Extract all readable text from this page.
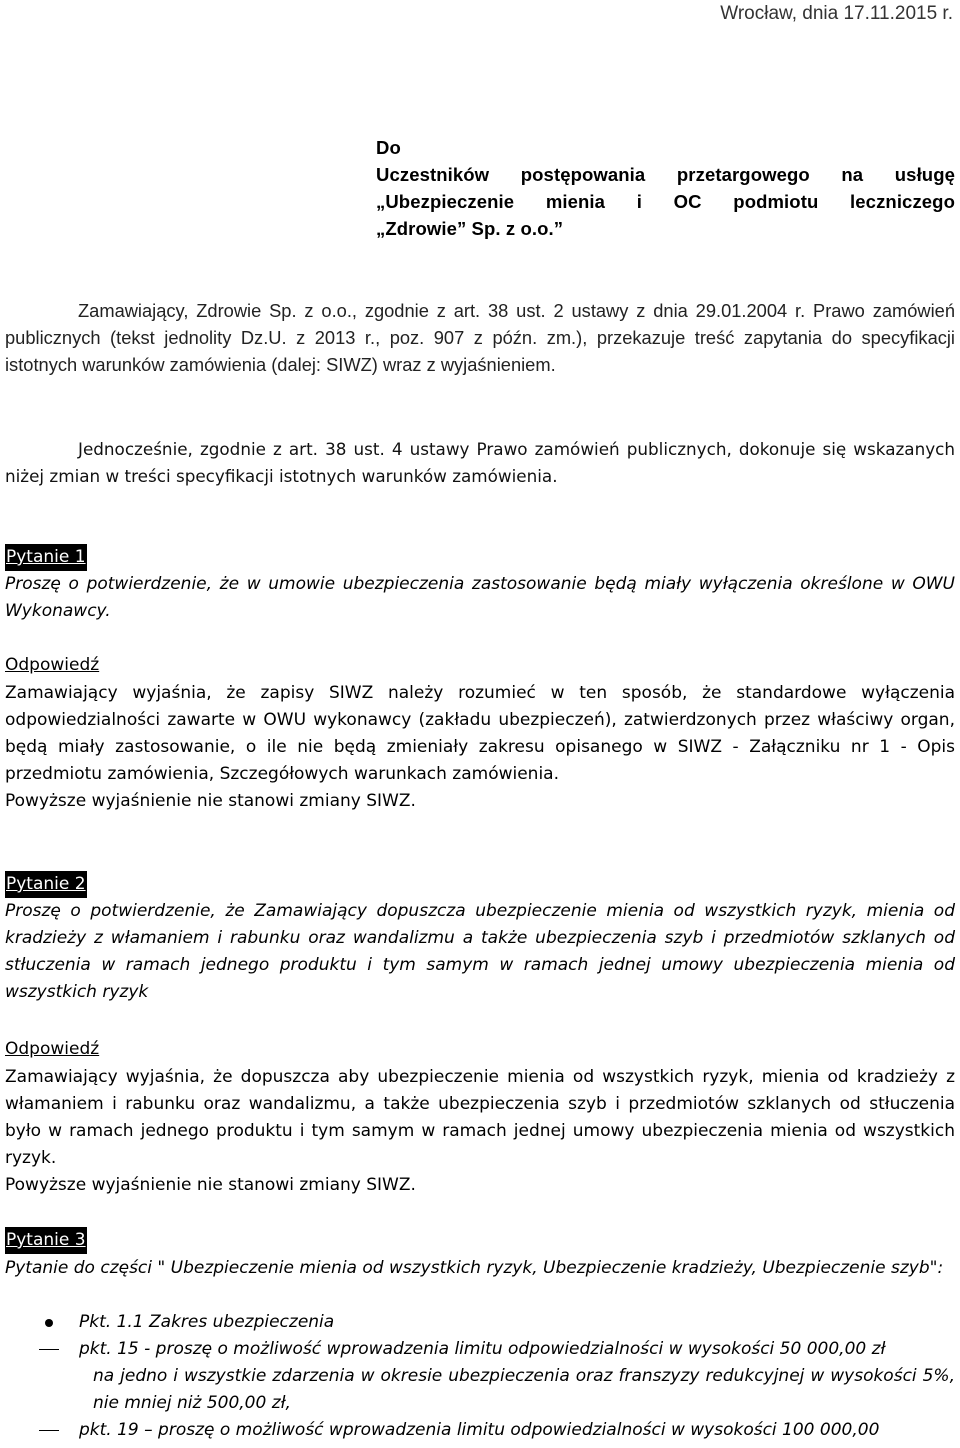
Wrocław, dnia 17.11.2015 r.
Do
Uczestników postępowania przetargowego na usługę
„Ubezpieczenie mienia i OC podmiotu leczniczego
„Zdrowie” Sp. z o.o.”

Zamawiający, Zdrowie Sp. z o.o., zgodnie z art. 38 ust. 2 ustawy z dnia 29.01.2004 r. Prawo zamówień publicznych (tekst jednolity Dz.U. z 2013 r., poz. 907 z późn. zm.), przekazuje treść zapytania do specyfikacji istotnych warunków zamówienia (dalej: SIWZ) wraz z wyjaśnieniem.

Jednocześnie, zgodnie z art. 38 ust. 4 ustawy Prawo zamówień publicznych, dokonuje się wskazanych niżej zmian w treści specyfikacji istotnych warunków zamówienia.

Pytanie 1

Proszę o potwierdzenie, że w umowie ubezpieczenia zastosowanie będą miały wyłączenia określone w OWU Wykonawcy.

Odpowiedź

Zamawiający wyjaśnia, że zapisy SIWZ należy rozumieć w ten sposób, że standardowe wyłączenia odpowiedzialności zawarte w OWU wykonawcy (zakładu ubezpieczeń), zatwierdzonych przez właściwy organ, będą miały zastosowanie, o ile nie będą zmieniały zakresu opisanego w SIWZ - Załączniku nr 1 - Opis przedmiotu zamówienia, Szczegółowych warunkach zamówienia.

Powyższe wyjaśnienie nie stanowi zmiany SIWZ.

Pytanie 2

Proszę o potwierdzenie, że Zamawiający dopuszcza ubezpieczenie mienia od wszystkich ryzyk, mienia od kradzieży z włamaniem i rabunku oraz wandalizmu a także ubezpieczenia szyb i przedmiotów szklanych od stłuczenia w ramach jednego produktu i tym samym w ramach jednej umowy ubezpieczenia mienia od wszystkich ryzyk

Odpowiedź

Zamawiający wyjaśnia, że dopuszcza aby ubezpieczenie mienia od wszystkich ryzyk, mienia od kradzieży z włamaniem i rabunku oraz wandalizmu, a także ubezpieczenia szyb i przedmiotów szklanych od stłuczenia było w ramach jednego produktu i tym samym w ramach jednej umowy ubezpieczenia mienia od wszystkich ryzyk.

Powyższe wyjaśnienie nie stanowi zmiany SIWZ.

Pytanie 3

Pytanie do części " Ubezpieczenie mienia od wszystkich ryzyk, Ubezpieczenie kradzieży, Ubezpieczenie szyb":

Pkt. 1.1 Zakres ubezpieczenia
pkt. 15 - proszę o możliwość wprowadzenia limitu odpowiedzialności w wysokości 50 000,00 zł
na jedno i wszystkie zdarzenia w okresie ubezpieczenia oraz franszyzy redukcyjnej w wysokości 5%, nie mniej niż 500,00 zł,
pkt. 19 – proszę o możliwość wprowadzenia limitu odpowiedzialności w wysokości 100 000,00
